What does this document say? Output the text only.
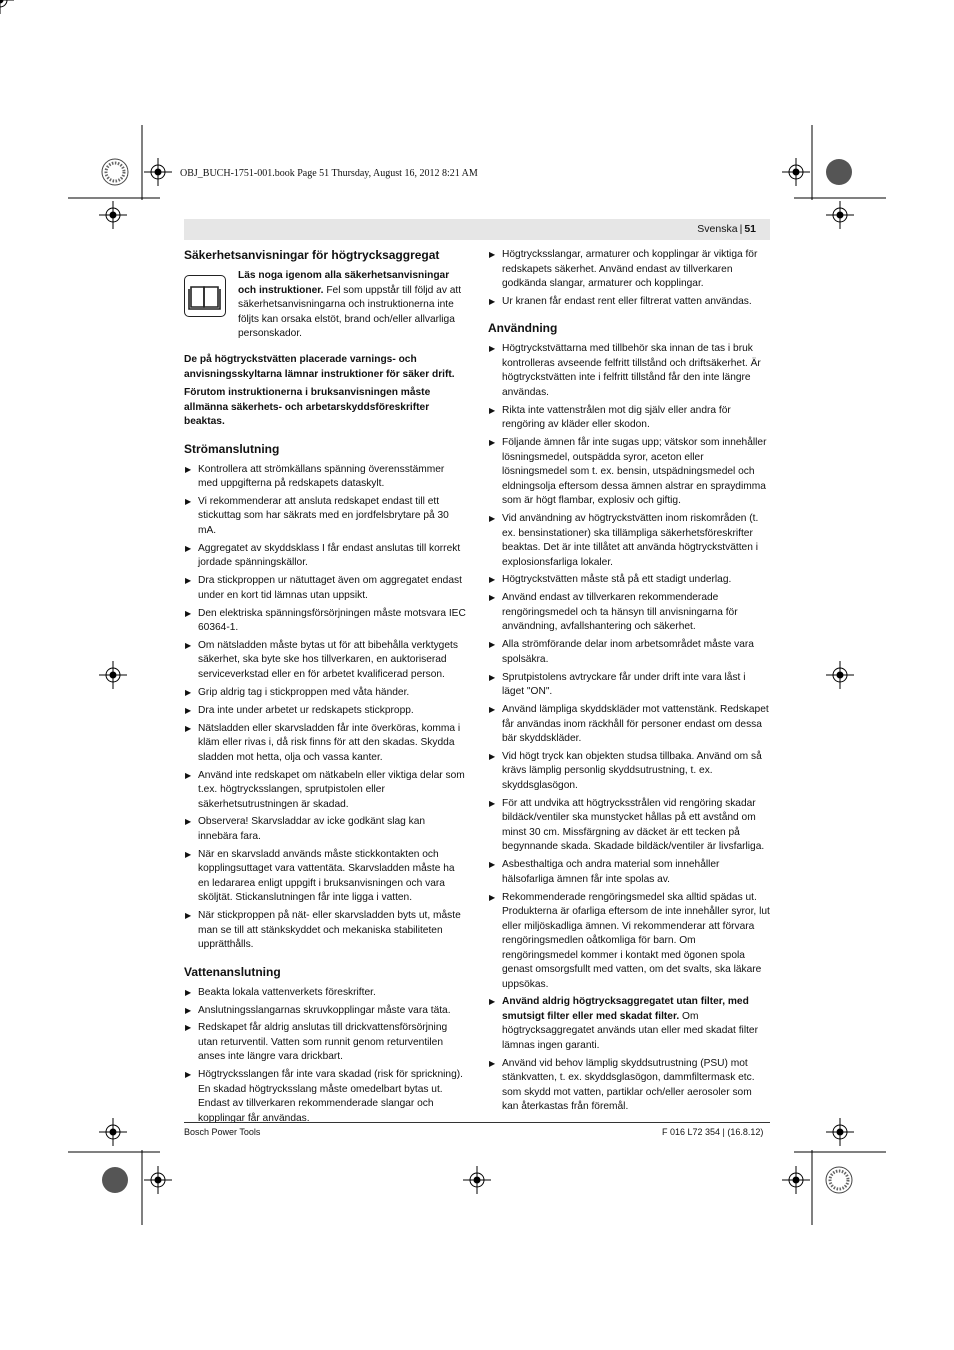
OBJ_BUCH-1751-001.book Page 51 Thursday, August 16, 2012 8:21 AM
Svenska | 51
Säkerhetsanvisningar för högtrycksaggregat
Läs noga igenom alla säkerhetsanvisningar och instruktioner. Fel som uppstår till följd av att säkerhetsanvisningarna och instruktionerna inte följts kan orsaka elstöt, brand och/eller allvarliga personskador.

De på högtryckstvätten placerade varnings- och anvisningsskyltarna lämnar instruktioner för säker drift.

Förutom instruktionerna i bruksanvisningen måste allmänna säkerhets- och arbetarskyddsföreskrifter beaktas.

Strömanslutning
▶ Kontrollera att strömkällans spänning överensstämmer med uppgifterna på redskapets dataskylt.
▶ Vi rekommenderar att ansluta redskapet endast till ett stickuttag som har säkrats med en jordfelsbrytare på 30 mA.
▶ Aggregatet av skyddsklass I får endast anslutas till korrekt jordade spänningskällor.
▶ Dra stickproppen ur nätuttaget även om aggregatet endast under en kort tid lämnas utan uppsikt.
▶ Den elektriska spänningsförsörjningen måste motsvara IEC 60364-1.
▶ Om nätsladden måste bytas ut för att bibehålla verktygets säkerhet, ska byte ske hos tillverkaren, en auktoriserad serviceverkstad eller en för arbetet kvalificerad person.
▶ Grip aldrig tag i stickproppen med våta händer.
▶ Dra inte under arbetet ur redskapets stickpropp.
▶ Nätsladden eller skarvsladden får inte överköras, komma i kläm eller rivas i, då risk finns för att den skadas. Skydda sladden mot hetta, olja och vassa kanter.
▶ Använd inte redskapet om nätkabeln eller viktiga delar som t.ex. högtrycksslangen, sprutpistolen eller säkerhetsutrustningen är skadad.
▶ Observera! Skarvsladdar av icke godkänt slag kan innebära fara.
▶ När en skarvsladd används måste stickkontakten och kopplingsuttaget vara vattentäta. Skarvsladden måste ha en ledararea enligt uppgift i bruksanvisningen och vara sköljtät. Stickanslutningen får inte ligga i vatten.
▶ När stickproppen på nät- eller skarvsladden byts ut, måste man se till att stänkskyddet och mekaniska stabiliteten upprätthålls.
Vattenanslutning
▶ Beakta lokala vattenverkets föreskrifter.
▶ Anslutningsslangarnas skruvkopplingar måste vara täta.
▶ Redskapet får aldrig anslutas till drickvattensförsörjning utan returventil. Vatten som runnit genom returventilen anses inte längre vara drickbart.
▶ Högtrycksslangen får inte vara skadad (risk för sprickning). En skadad högtrycksslang måste omedelbart bytas ut. Endast av tillverkaren rekommenderade slangar och kopplingar får användas.
▶ Högtrycksslangar, armaturer och kopplingar är viktiga för redskapets säkerhet. Använd endast av tillverkaren godkända slangar, armaturer och kopplingar.
▶ Ur kranen får endast rent eller filtrerat vatten användas.
Användning
▶ Högtryckstvättarna med tillbehör ska innan de tas i bruk kontrolleras avseende felfritt tillstånd och driftsäkerhet. Är högtryckstvätten inte i felfritt tillstånd får den inte längre användas.
▶ Rikta inte vattenstrålen mot dig själv eller andra för rengöring av kläder eller skodon.
▶ Följande ämnen får inte sugas upp; vätskor som innehåller lösningsmedel, outspädda syror, aceton eller lösningsmedel som t. ex. bensin, utspädningsmedel och eldningsolja eftersom dessa ämnen alstrar en spraydimma som är högt flambar, explosiv och giftig.
▶ Vid användning av högtryckstvätten inom riskområden (t. ex. bensinstationer) ska tillämpliga säkerhetsföreskrifter beaktas. Det är inte tillåtet att använda högtryckstvätten i explosionsfarliga lokaler.
▶ Högtryckstvätten måste stå på ett stadigt underlag.
▶ Använd endast av tillverkaren rekommenderade rengöringsmedel och ta hänsyn till anvisningarna för användning, avfallshantering och säkerhet.
▶ Alla strömförande delar inom arbetsområdet måste vara spolsäkra.
▶ Sprutpistolens avtryckare får under drift inte vara låst i läget "ON".
▶ Använd lämpliga skyddskläder mot vattenstänk. Redskapet får användas inom räckhåll för personer endast om dessa bär skyddskläder.
▶ Vid högt tryck kan objekten studsa tillbaka. Använd om så krävs lämplig personlig skyddsutrustning, t. ex. skyddsglasögon.
▶ För att undvika att högtrycksstrålen vid rengöring skadar bildäck/ventiler ska munstycket hållas på ett avstånd om minst 30 cm. Missfärgning av däcket är ett tecken på begynnande skada. Skadade bildäck/ventiler är livsfarliga.
▶ Asbesthaltiga och andra material som innehåller hälsofarliga ämnen får inte spolas av.
▶ Rekommenderade rengöringsmedel ska alltid spädas ut. Produkterna är ofarliga eftersom de inte innehåller syror, lut eller miljöskadliga ämnen. Vi rekommenderar att förvara rengöringsmedlen oåtkomliga för barn. Om rengöringsmedel kommer i kontakt med ögonen spola genast omsorgsfullt med vatten, om det svalts, ska läkare uppsökas.
▶ Använd aldrig högtrycksaggregatet utan filter, med smutsigt filter eller med skadat filter. Om högtrycksaggregatet används utan eller med skadat filter lämnas ingen garanti.
▶ Använd vid behov lämplig skyddsutrustning (PSU) mot stänkvatten, t. ex. skyddsglasögon, dammfiltermask etc. som skydd mot vatten, partiklar och/eller aerosoler som kan återkastas från föremål.
Bosch Power Tools	F 016 L72 354 | (16.8.12)
